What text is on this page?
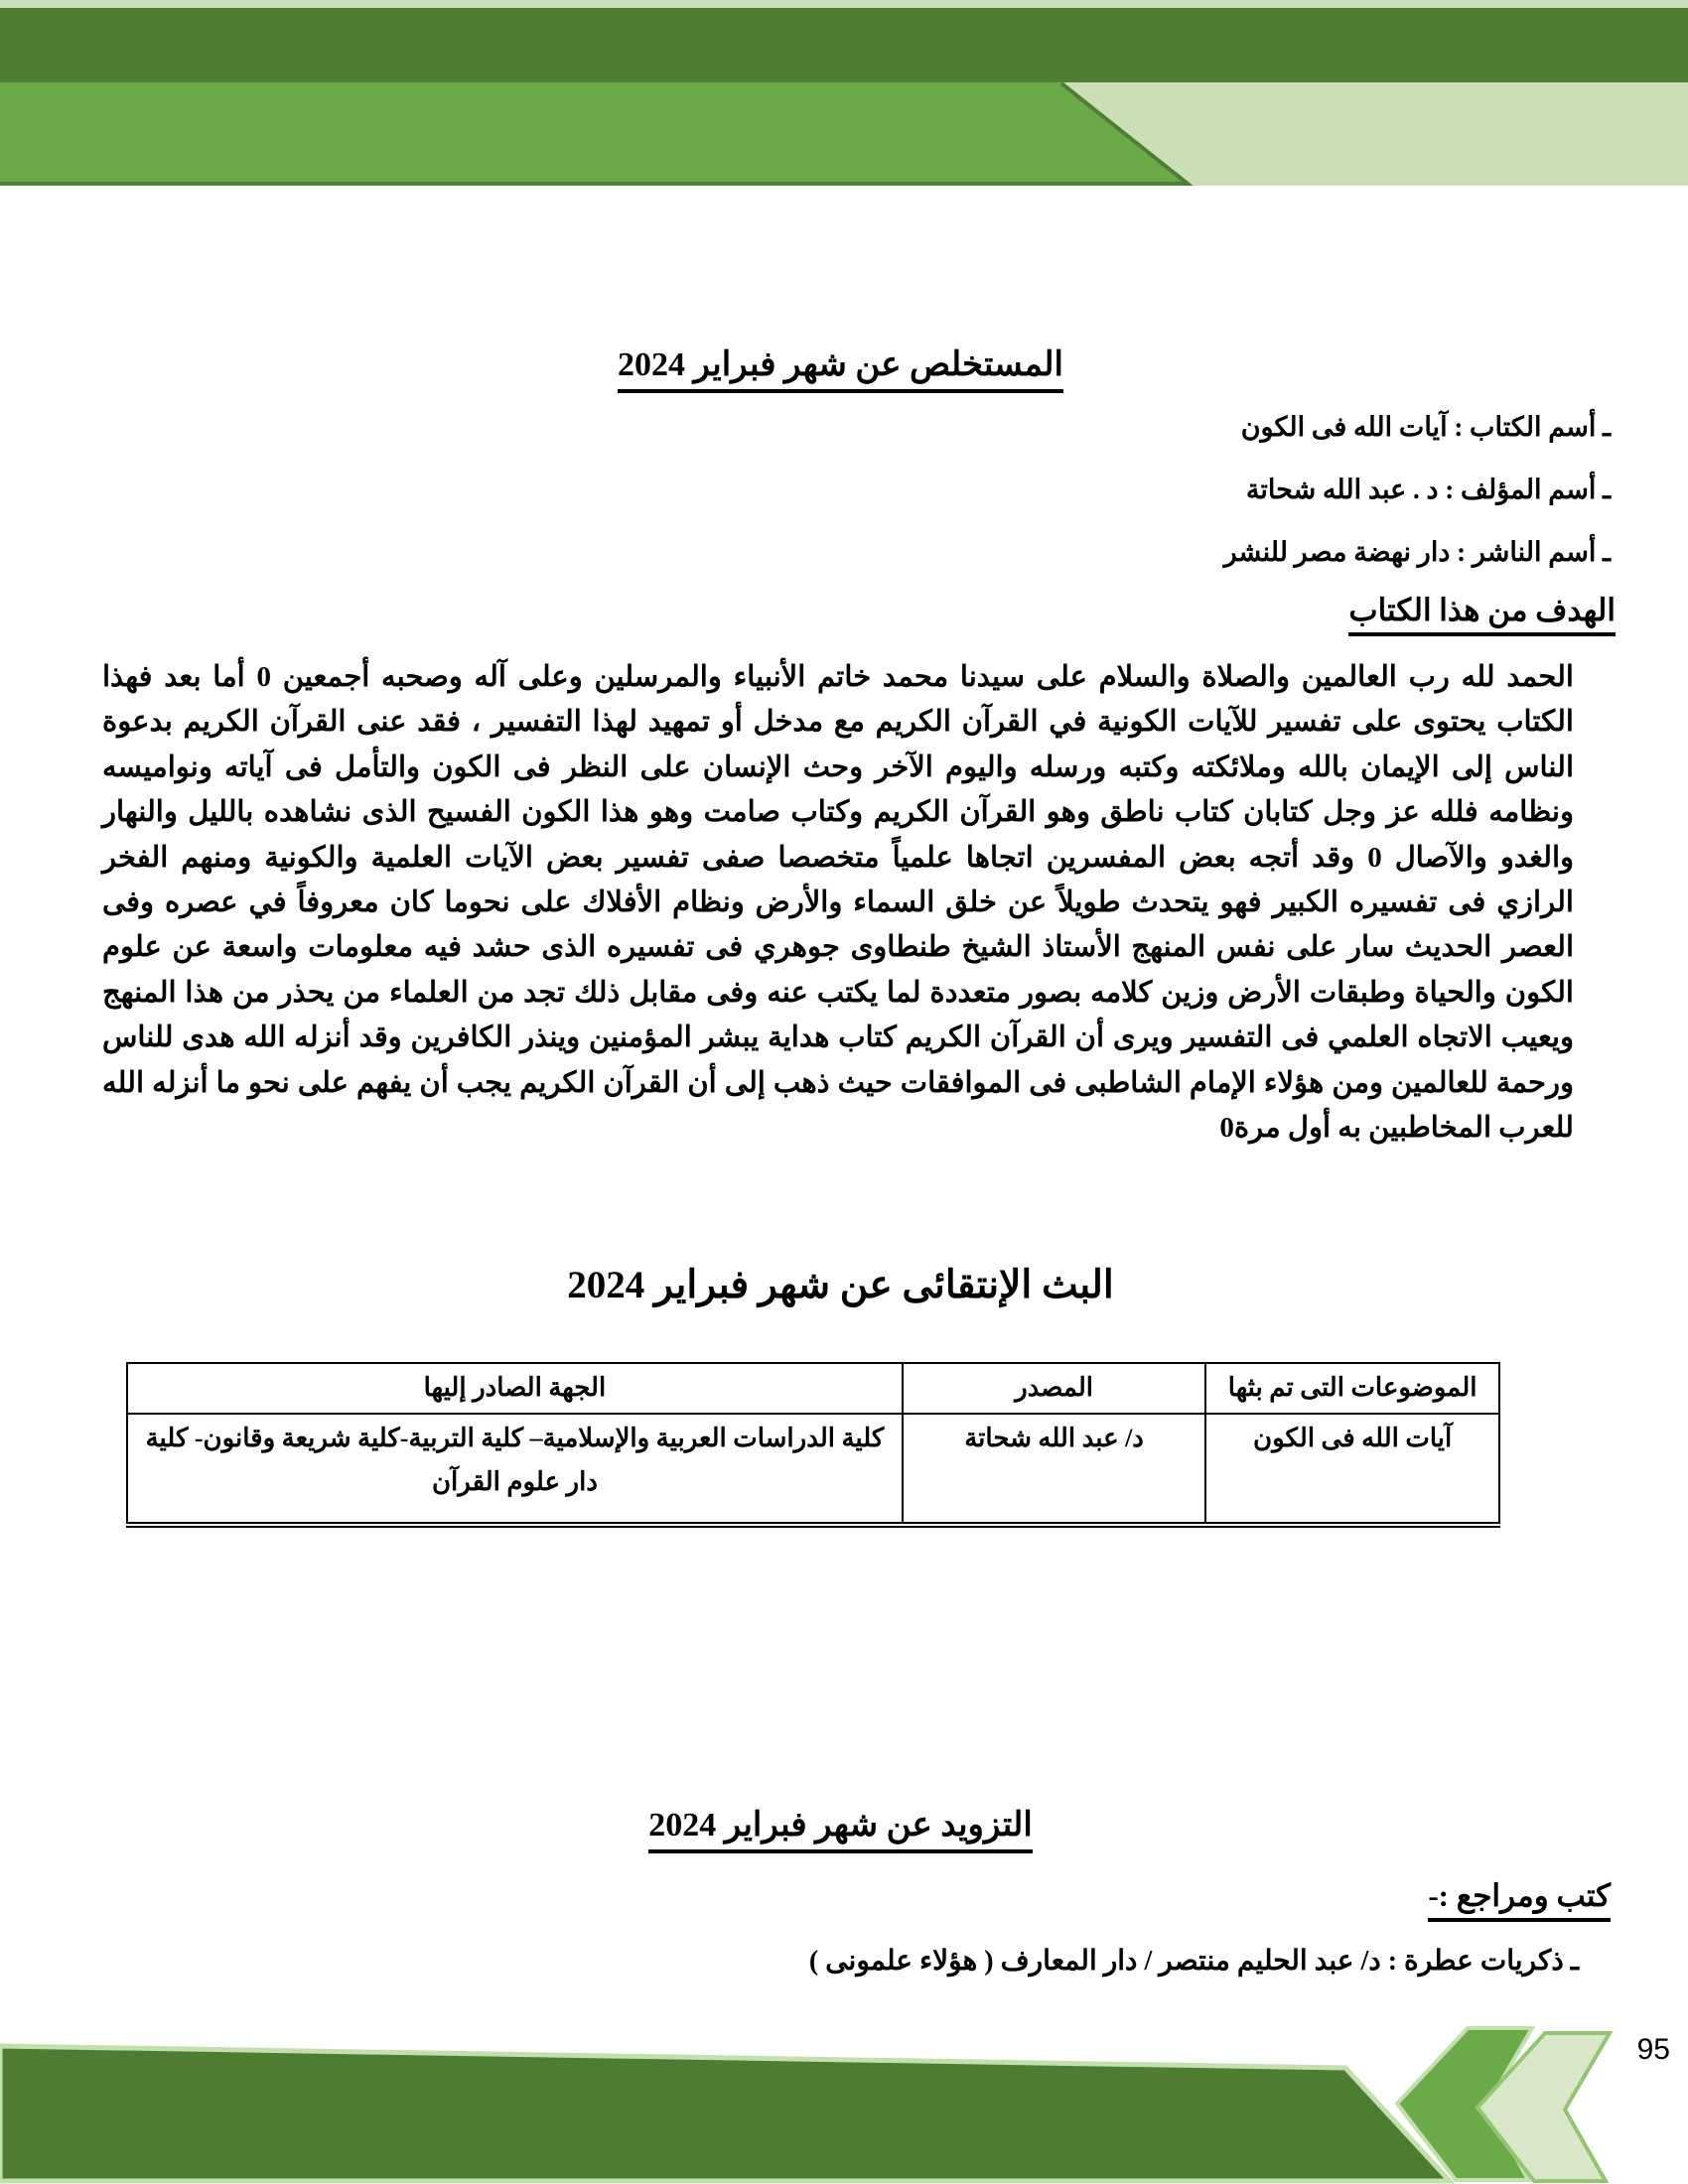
المستخلص عن شهر فبراير 2024
ـ أسم الكتاب : آيات الله فى الكون
ـ أسم المؤلف : د . عبد الله شحاتة
ـ أسم الناشر : دار نهضة مصر للنشر
الهدف من هذا الكتاب
الحمد لله رب العالمين والصلاة والسلام على سيدنا محمد خاتم الأنبياء والمرسلين وعلى آله وصحبه أجمعين 0 أما بعد فهذا
الكتاب يحتوى على تفسير للآيات الكونية في القرآن الكريم مع مدخل أو تمهيد لهذا التفسير ، فقد عنى القرآن الكريم بدعوة
الناس إلى الإيمان بالله وملائكته وكتبه ورسله واليوم الآخر وحث الإنسان على النظر فى الكون والتأمل فى آياته ونواميسه
ونظامه فلله عز وجل كتابان كتاب ناطق وهو القرآن الكريم وكتاب صامت وهو هذا الكون الفسيح الذى نشاهده بالليل والنهار
والغدو والآصال 0 وقد أتجه بعض المفسرين اتجاها علمياً متخصصا صفى تفسير بعض الآيات العلمية والكونية ومنهم الفخر
الرازي فى تفسيره الكبير فهو يتحدث طويلاً عن خلق السماء والأرض ونظام الأفلاك على نحوما كان معروفاً في عصره وفى
العصر الحديث سار على نفس المنهج الأستاذ الشيخ طنطاوى جوهري فى تفسيره الذى حشد فيه معلومات واسعة عن علوم
الكون والحياة وطبقات الأرض وزين كلامه بصور متعددة لما يكتب عنه وفى مقابل ذلك تجد من العلماء من يحذر من هذا المنهج
ويعيب الاتجاه العلمي فى التفسير ويرى أن القرآن الكريم كتاب هداية يبشر المؤمنين وينذر الكافرين وقد أنزله الله هدى للناس
ورحمة للعالمين ومن هؤلاء الإمام الشاطبى فى الموافقات حيث ذهب إلى أن القرآن الكريم يجب أن يفهم على نحو ما أنزله الله
للعرب المخاطبين به أول مرة0
البث الإنتقائى عن شهر فبراير 2024
الموضوعات التى تم بثها	المصدر	الجهة الصادر إليها
آيات الله فى الكون	د/ عبد الله شحاتة	كلية الدراسات العربية والإسلامية– كلية التربية-كلية شريعة وقانون- كلية دار علوم القرآن
التزويد عن شهر فبراير 2024
كتب ومراجع :-
ـ ذكريات عطرة : د/ عبد الحليم منتصر / دار المعارف ( هؤلاء علمونى )
95
